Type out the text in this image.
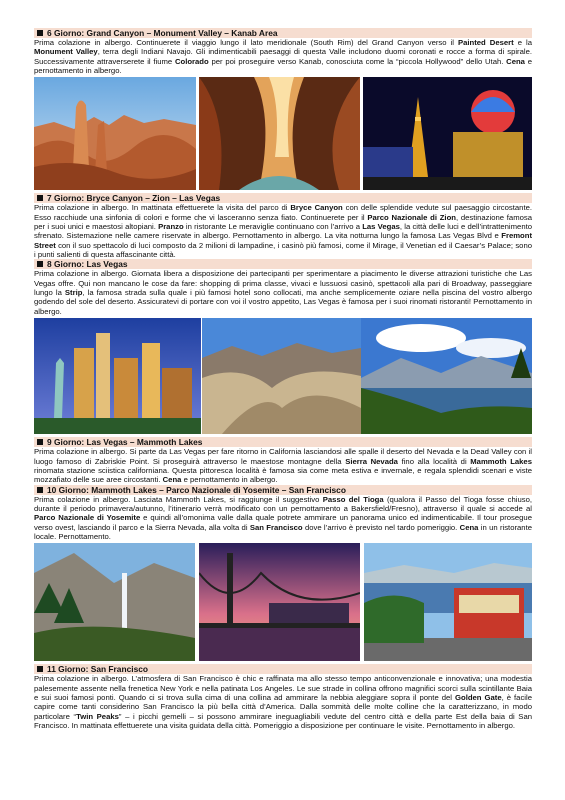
6 Giorno: Grand Canyon – Monument Valley – Kanab Area

Prima colazione in albergo. Continuerete il viaggio lungo il lato meridionale (South Rim) del Grand Canyon verso il Painted Desert e la Monument Valley, terra degli Indiani Navajo. Gli indimenticabili paesaggi di questa Valle includono duomi coronati e rocce a forma di spirale. Successivamente attraverserete il fiume Colorado per poi proseguire verso Kanab, conosciuta come la “piccola Hollywood” dello Utah. Cena e pernottamento in albergo.

7 Giorno: Bryce Canyon – Zion – Las Vegas

Prima colazione in albergo. In mattinata effettuerete la visita del parco di Bryce Canyon con delle splendide vedute sul paesaggio circostante. Esso racchiude una sinfonia di colori e forme che vi lasceranno senza fiato. Continuerete per il Parco Nazionale di Zion, destinazione famosa per i suoi unici e maestosi altopiani. Pranzo in ristorante Le meraviglie continuano con l’arrivo a Las Vegas, la città delle luci e dell’intrattenimento sfrenato. Sistemazione nelle camere riservate in albergo. Pernottamento in albergo. La vita notturna lungo la famosa Las Vegas Blvd e Fremont Street con il suo spettacolo di luci composto da 2 milioni di lampadine, i casinò più famosi, come il Mirage, il Venetian ed il Caesar’s Palace; sono i punti salienti di questa affascinante città.

8 Giorno: Las Vegas

Prima colazione in albergo. Giornata libera a disposizione dei partecipanti per sperimentare a piacimento le diverse attrazioni turistiche che Las Vegas offre. Qui non mancano le cose da fare: shopping di prima classe, vivaci e lussuosi casinò, spettacoli alla pari di Broadway, passeggiare lungo la Strip, la famosa strada sulla quale i più famosi hotel sono collocati, ma anche semplicemente oziare nella piscina del vostro albergo godendo del sole del deserto. Assicuratevi di portare con voi il vostro appetito, Las Vegas è famosa per i suoi rinomati ristoranti! Pernottamento in albergo.

9 Giorno: Las Vegas – Mammoth Lakes

Prima colazione in albergo. Si parte da Las Vegas per fare ritorno in California lasciandosi alle spalle il deserto del Nevada e la Dead Valley con il luogo famoso di Zabriskie Point. Si proseguirà attraverso le maestose montagne della Sierra Nevada fino alla località di Mammoth Lakes rinomata stazione sciistica californiana. Questa pittoresca località è famosa sia come meta estiva e invernale, e regala splendidi scenari e viste mozzafiato delle sue aree circostanti. Cena e pernottamento in albergo.

10 Giorno: Mammoth Lakes – Parco Nazionale di Yosemite – San Francisco

Prima colazione in albergo. Lasciata Mammoth Lakes, si raggiunge il suggestivo Passo del Tioga (qualora il Passo del Tioga fosse chiuso, durante il periodo primavera/autunno, l’itinerario verrà modificato con un pernottamento a Bakersfield/Fresno), attraverso il quale si accede al Parco Nazionale di Yosemite e quindi all’omonima valle dalla quale potrete ammirare un panorama unico ed indimenticabile. Il tour prosegue verso ovest, lasciando il parco e la Sierra Nevada, alla volta di San Francisco dove l’arrivo è previsto nel tardo pomeriggio. Cena in un ristorante locale. Pernottamento.

11 Giorno: San Francisco

Prima colazione in albergo. L’atmosfera di San Francisco è chic e raffinata ma allo stesso tempo anticonvenzionale e innovativa; una modestia palesemente assente nella frenetica New York e nella patinata Los Angeles. Le sue strade in collina offrono magnifici scorci sulla scintillante Baia e sui suoi famosi ponti. Quando ci si trova sulla cima di una collina ad ammirare la nebbia aleggiare sopra il ponte del Golden Gate, è facile capire come tanti considerino San Francisco la più bella città d’America. Dalla sommità delle molte colline che la caratterizzano, in modo particolare “Twin Peaks” – i picchi gemelli – si possono ammirare ineguagliabili vedute del centro città e della parte Est della baia di San Francisco. In mattinata effettuerete una visita guidata della città. Pomeriggio a disposizione per continuare le visite. Pernottamento in albergo.
